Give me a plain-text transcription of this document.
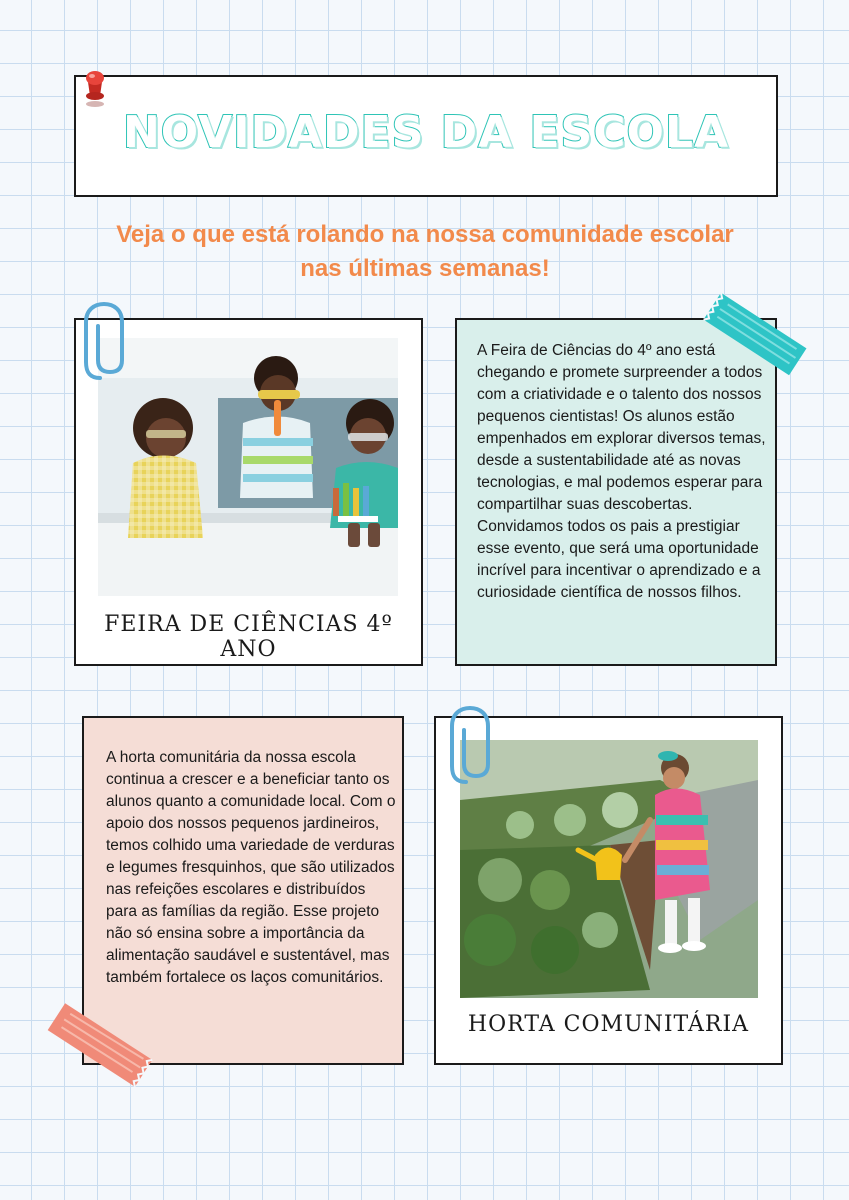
NOVIDADES DA ESCOLA
Veja o que está rolando na nossa comunidade escolar nas últimas semanas!
FEIRA DE CIÊNCIAS 4º ANO
A Feira de Ciências do 4º ano está chegando e promete surpreender a todos com a criatividade e o talento dos nossos pequenos cientistas! Os alunos estão empenhados em explorar diversos temas, desde a sustentabilidade até as novas tecnologias, e mal podemos esperar para compartilhar suas descobertas. Convidamos todos os pais a prestigiar esse evento, que será uma oportunidade incrível para incentivar o aprendizado e a curiosidade científica de nossos filhos.
A horta comunitária da nossa escola continua a crescer e a beneficiar tanto os alunos quanto a comunidade local. Com o apoio dos nossos pequenos jardineiros, temos colhido uma variedade de verduras e legumes fresquinhos, que são utilizados nas refeições escolares e distribuídos para as famílias da região. Esse projeto não só ensina sobre a importância da alimentação saudável e sustentável, mas também fortalece os laços comunitários.
HORTA COMUNITÁRIA
